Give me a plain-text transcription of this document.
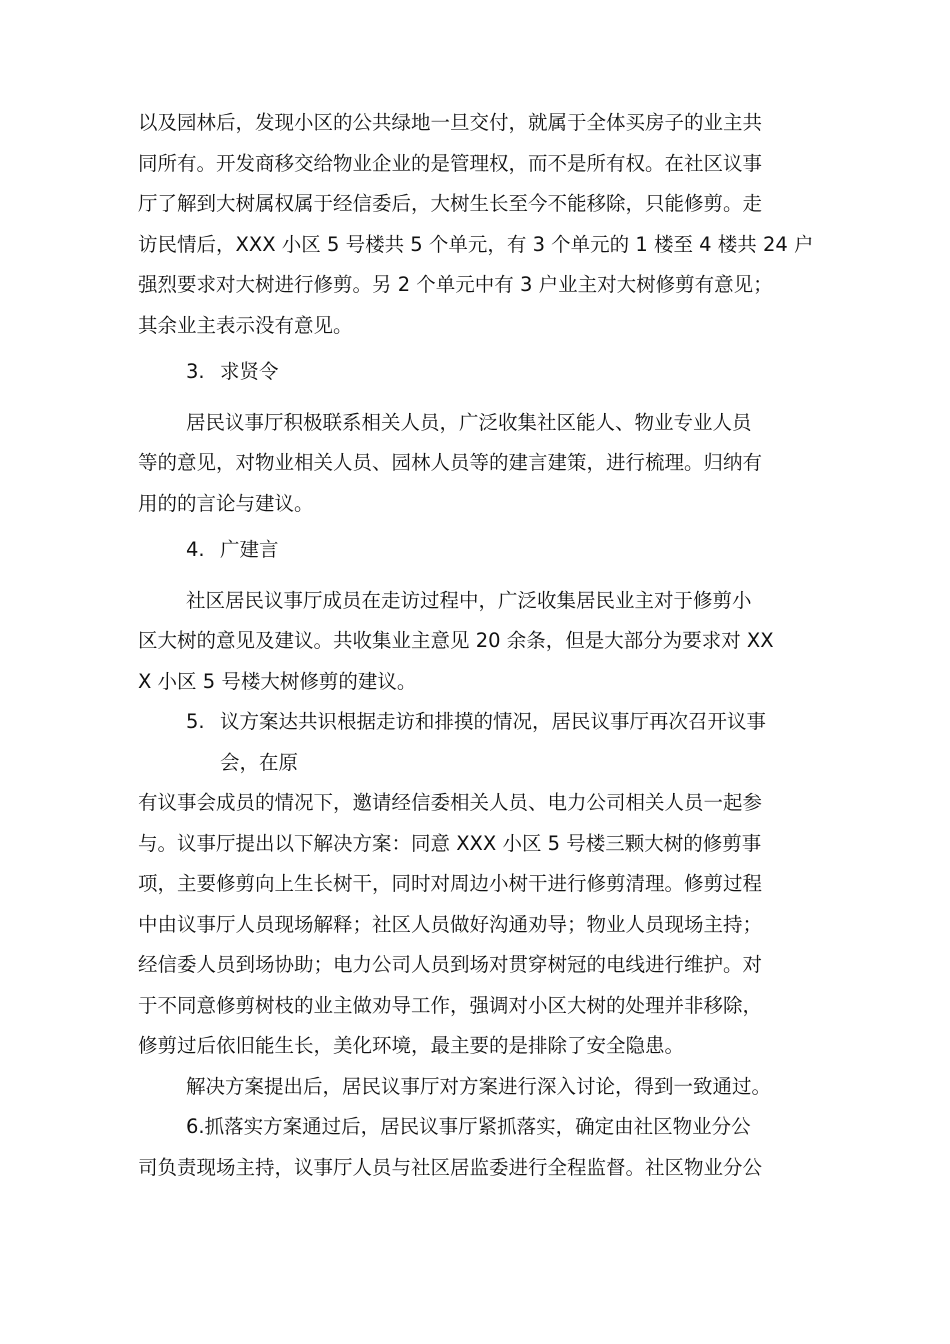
以及园林后，发现小区的公共绿地一旦交付，就属于全体买房子的业主共
同所有。开发商移交给物业企业的是管理权，而不是所有权。在社区议事
厅了解到大树属权属于经信委后，大树生长至今不能移除，只能修剪。走
访民情后，XXX 小区 5 号楼共 5 个单元，有 3 个单元的 1 楼至 4 楼共 24 户
强烈要求对大树进行修剪。另 2 个单元中有 3 户业主对大树修剪有意见；
其余业主表示没有意见。
3. 求贤令
居民议事厅积极联系相关人员，广泛收集社区能人、物业专业人员
等的意见，对物业相关人员、园林人员等的建言建策，进行梳理。归纳有
用的的言论与建议。
4. 广建言
社区居民议事厅成员在走访过程中，广泛收集居民业主对于修剪小
区大树的意见及建议。共收集业主意见 20 余条，但是大部分为要求对 XX
X 小区 5 号楼大树修剪的建议。
5. 议方案达共识根据走访和排摸的情况，居民议事厅再次召开议事
会，在原
有议事会成员的情况下，邀请经信委相关人员、电力公司相关人员一起参
与。议事厅提出以下解决方案：同意 XXX 小区 5 号楼三颗大树的修剪事
项，主要修剪向上生长树干，同时对周边小树干进行修剪清理。修剪过程
中由议事厅人员现场解释；社区人员做好沟通劝导；物业人员现场主持；
经信委人员到场协助；电力公司人员到场对贯穿树冠的电线进行维护。对
于不同意修剪树枝的业主做劝导工作，强调对小区大树的处理并非移除，
修剪过后依旧能生长，美化环境，最主要的是排除了安全隐患。
解决方案提出后，居民议事厅对方案进行深入讨论，得到一致通过。
6.抓落实方案通过后，居民议事厅紧抓落实，确定由社区物业分公
司负责现场主持，议事厅人员与社区居监委进行全程监督。社区物业分公
